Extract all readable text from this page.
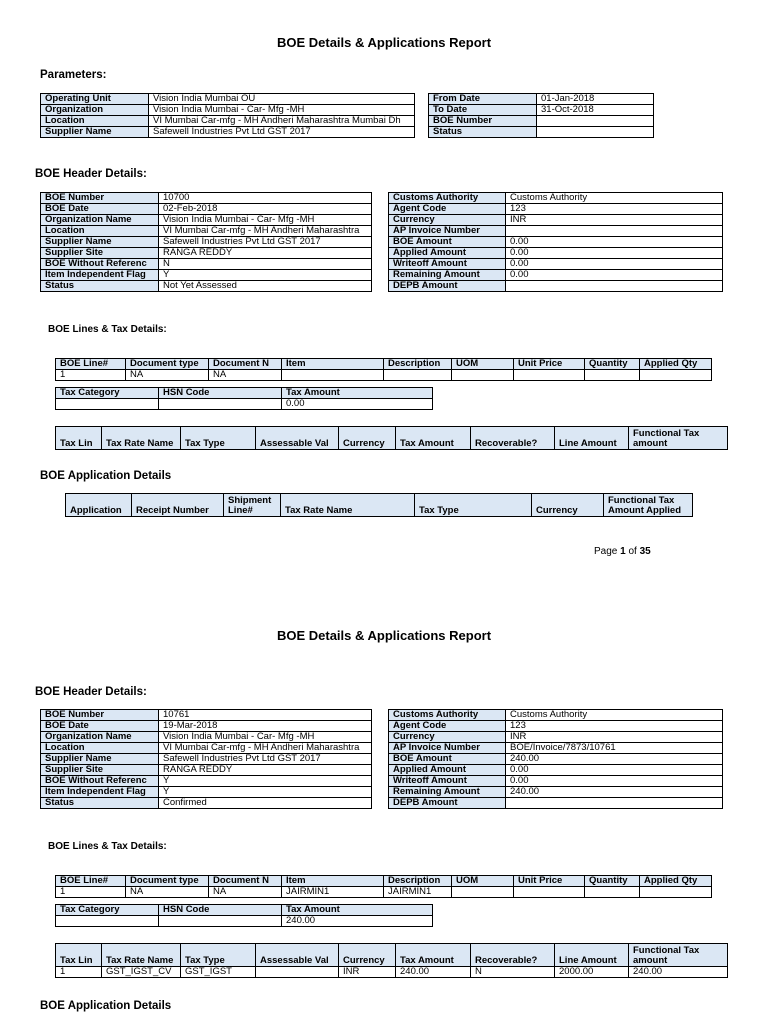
BOE Details & Applications Report
Parameters:
Operating Unit	Vision India Mumbai OU
Organization	Vision India Mumbai - Car- Mfg -MH
Location	VI Mumbai Car-mfg - MH Andheri Maharashtra Mumbai Dh
Supplier Name	Safewell Industries Pvt Ltd GST 2017
From Date	01-Jan-2018
To Date	31-Oct-2018
BOE Number	
Status	
BOE Header Details:
BOE Number	10700
BOE Date	02-Feb-2018
Organization Name	Vision India Mumbai - Car- Mfg -MH
Location	VI Mumbai Car-mfg - MH Andheri Maharashtra
Supplier Name	Safewell Industries Pvt Ltd GST 2017
Supplier Site	RANGA REDDY
BOE Without Referenc	N
Item Independent Flag	Y
Status	Not Yet Assessed
Customs Authority	Customs Authority
Agent Code	123
Currency	INR
AP Invoice Number	
BOE Amount	0.00
Applied Amount	0.00
Writeoff Amount	0.00
Remaining Amount	0.00
DEPB Amount	
BOE Lines & Tax Details:
BOE Line#	Document type	Document N	Item	Description	UOM	Unit Price	Quantity	Applied Qty
1	NA	NA						
Tax Category	HSN Code	Tax Amount
		0.00
Tax Lin	Tax Rate Name	Tax Type	Assessable Val	Currency	Tax Amount	Recoverable?	Line Amount	Functional Tax amount
BOE Application Details
Application	Receipt Number	Shipment Line#	Tax Rate Name	Tax Type	Currency	Functional Tax Amount Applied
Page 1 of 35
BOE Details & Applications Report
BOE Header Details:
BOE Number	10761
BOE Date	19-Mar-2018
Organization Name	Vision India Mumbai - Car- Mfg -MH
Location	VI Mumbai Car-mfg - MH Andheri Maharashtra
Supplier Name	Safewell Industries Pvt Ltd GST 2017
Supplier Site	RANGA REDDY
BOE Without Referenc	Y
Item Independent Flag	Y
Status	Confirmed
Customs Authority	Customs Authority
Agent Code	123
Currency	INR
AP Invoice Number	BOE/Invoice/7873/10761
BOE Amount	240.00
Applied Amount	0.00
Writeoff Amount	0.00
Remaining Amount	240.00
DEPB Amount	
BOE Lines & Tax Details:
BOE Line#	Document type	Document N	Item	Description	UOM	Unit Price	Quantity	Applied Qty
1	NA	NA	JAIRMIN1	JAIRMIN1				
Tax Category	HSN Code	Tax Amount
		240.00
Tax Lin	Tax Rate Name	Tax Type	Assessable Val	Currency	Tax Amount	Recoverable?	Line Amount	Functional Tax amount
1	GST_IGST_CV	GST_IGST		INR	240.00	N	2000.00	240.00
BOE Application Details
